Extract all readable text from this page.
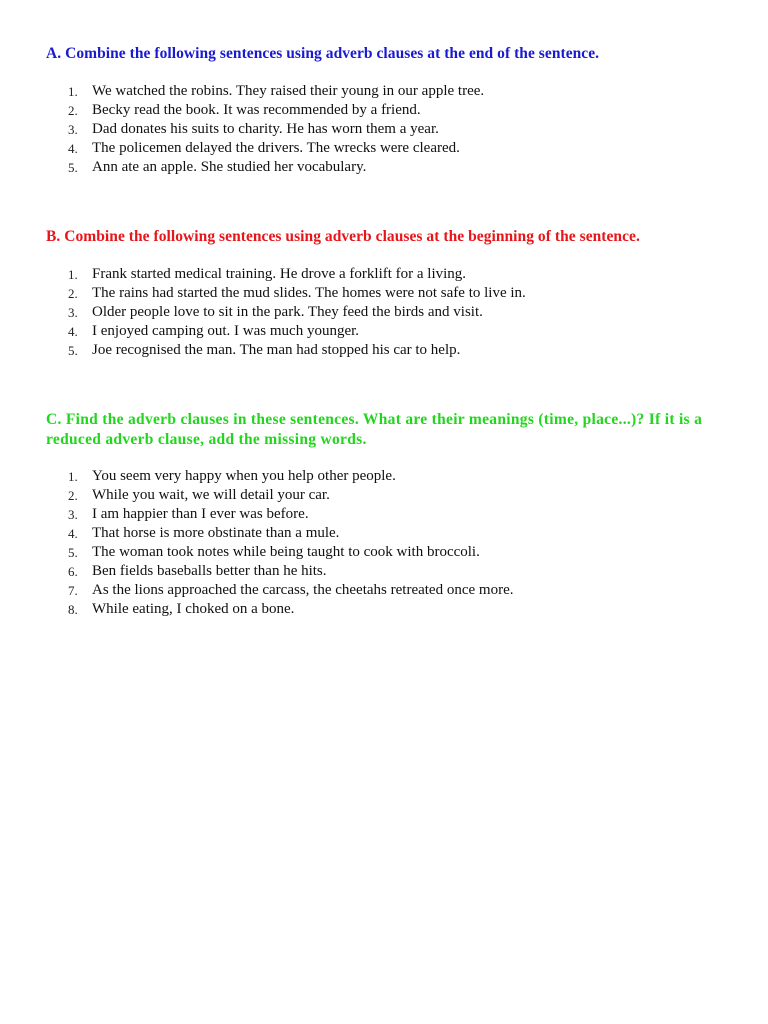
A. Combine the following sentences using adverb clauses at the end of the sentence.

1. We watched the robins. They raised their young in our apple tree.
2. Becky read the book. It was recommended by a friend.
3. Dad donates his suits to charity. He has worn them a year.
4. The policemen delayed the drivers. The wrecks were cleared.
5. Ann ate an apple. She studied her vocabulary.

B. Combine the following sentences using adverb clauses at the beginning of the sentence.

1. Frank started medical training. He drove a forklift for a living.
2. The rains had started the mud slides. The homes were not safe to live in.
3. Older people love to sit in the park. They feed the birds and visit.
4. I enjoyed camping out. I was much younger.
5. Joe recognised the man. The man had stopped his car to help.

C. Find the adverb clauses in these sentences. What are their meanings (time, place...)? If it is a reduced adverb clause, add the missing words.

1. You seem very happy when you help other people.
2. While you wait, we will detail your car.
3. I am happier than I ever was before.
4. That horse is more obstinate than a mule.
5. The woman took notes while being taught to cook with broccoli.
6. Ben fields baseballs better than he hits.
7. As the lions approached the carcass, the cheetahs retreated once more.
8. While eating, I choked on a bone.
